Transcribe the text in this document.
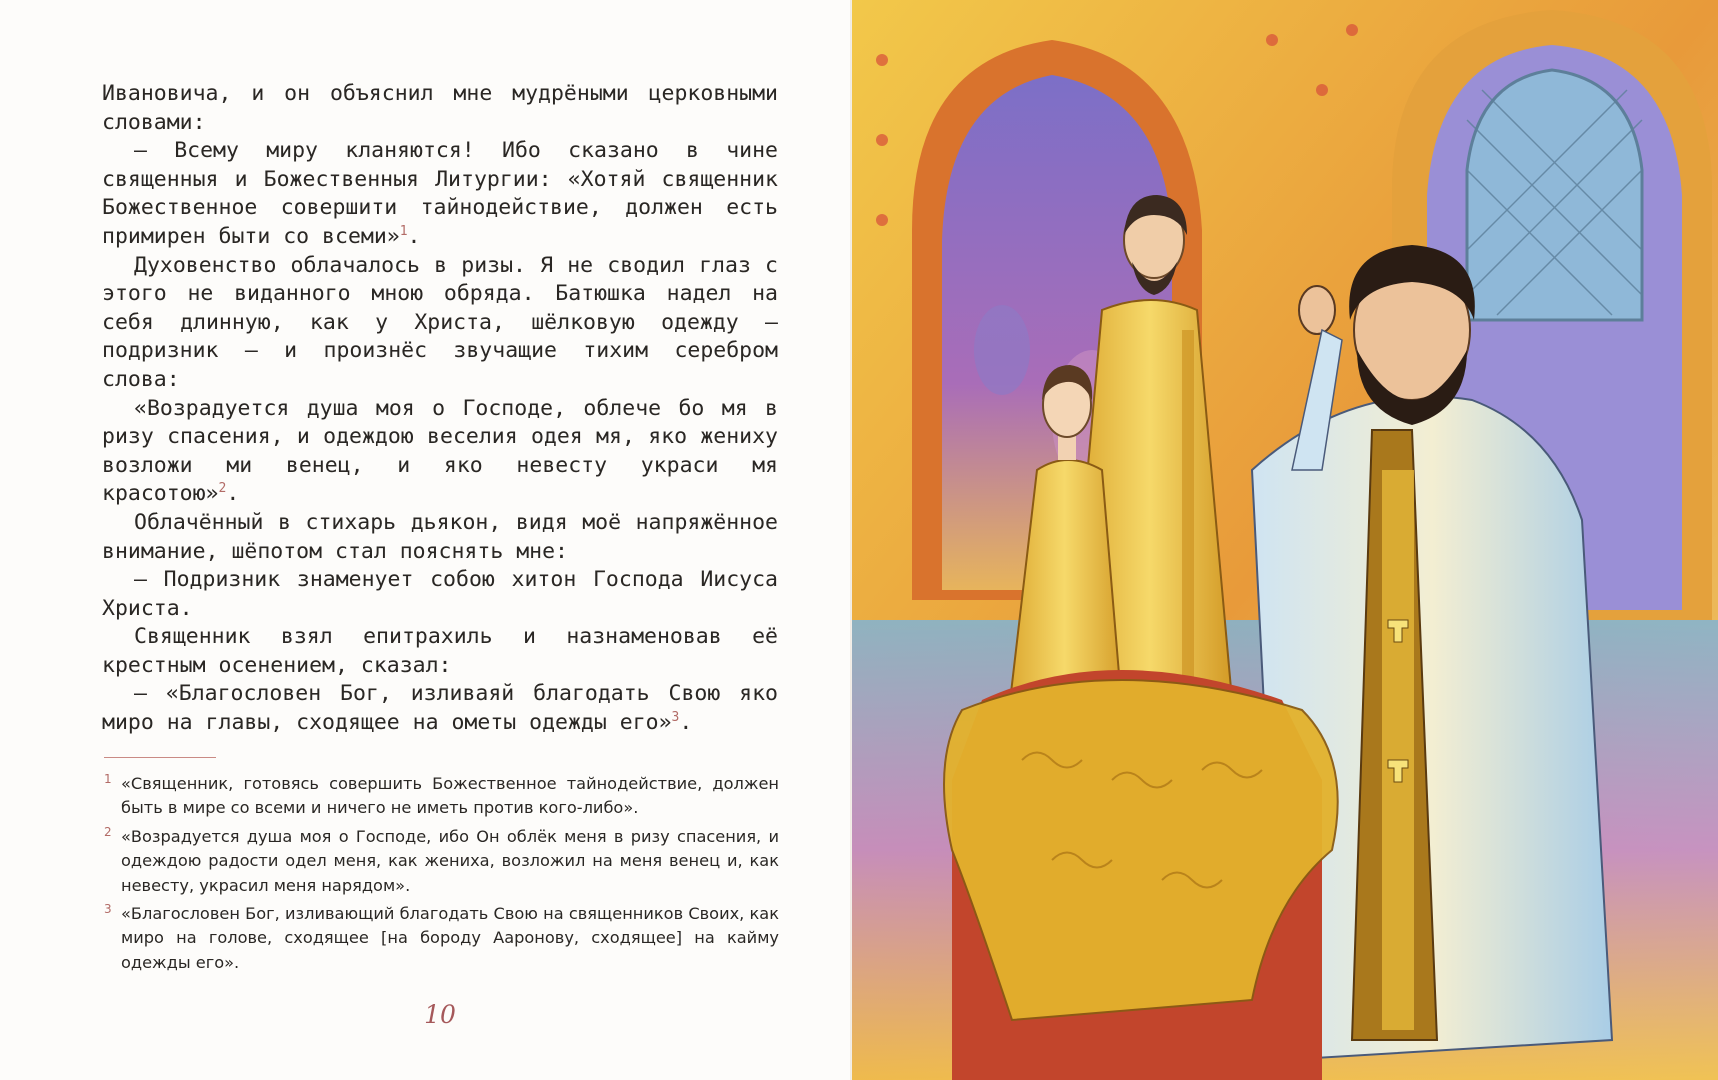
Ивановича, и он объяснил мне мудрёными церковными словами:

— Всему миру кланяются! Ибо сказано в чине священныя и Божественныя Литургии: «Хотяй священник Божественное совершити тайнодействие, должен есть примирен быти со всеми»$^1$.

Духовенство облачалось в ризы. Я не сводил глаз с этого не виданного мною обряда. Батюшка надел на себя длинную, как у Христа, шёлковую одежду — подризник — и произнёс звучащие тихим серебром слова:

«Возрадуется душа моя о Господе, облече бо мя в ризу спасения, и одеждою веселия одея мя, яко жениху возложи ми венец, и яко невесту украси мя красотою»$^2$.

Облачённый в стихарь дьякон, видя моё напряжённое внимание, шёпотом стал пояснять мне:

— Подризник знаменует собою хитон Господа Иисуса Христа.

Священник взял епитрахиль и назнаменовав её крестным осенением, сказал:

— «Благословен Бог, изливаяй благодать Свою яко миро на главы, сходящее на ометы одежды его»$^3$.

1 «Священник, готовясь совершить Божественное тайнодействие, должен быть в мире со всеми и ничего не иметь против кого-либо».
2 «Возрадуется душа моя о Господе, ибо Он облёк меня в ризу спасения, и одеждою радости одел меня, как жениха, возложил на меня венец и, как невесту, украсил меня нарядом».
3 «Благословен Бог, изливающий благодать Свою на священников Своих, как миро на голове, сходящее [на бороду Ааронову, сходящее] на кайму одежды его».
10
